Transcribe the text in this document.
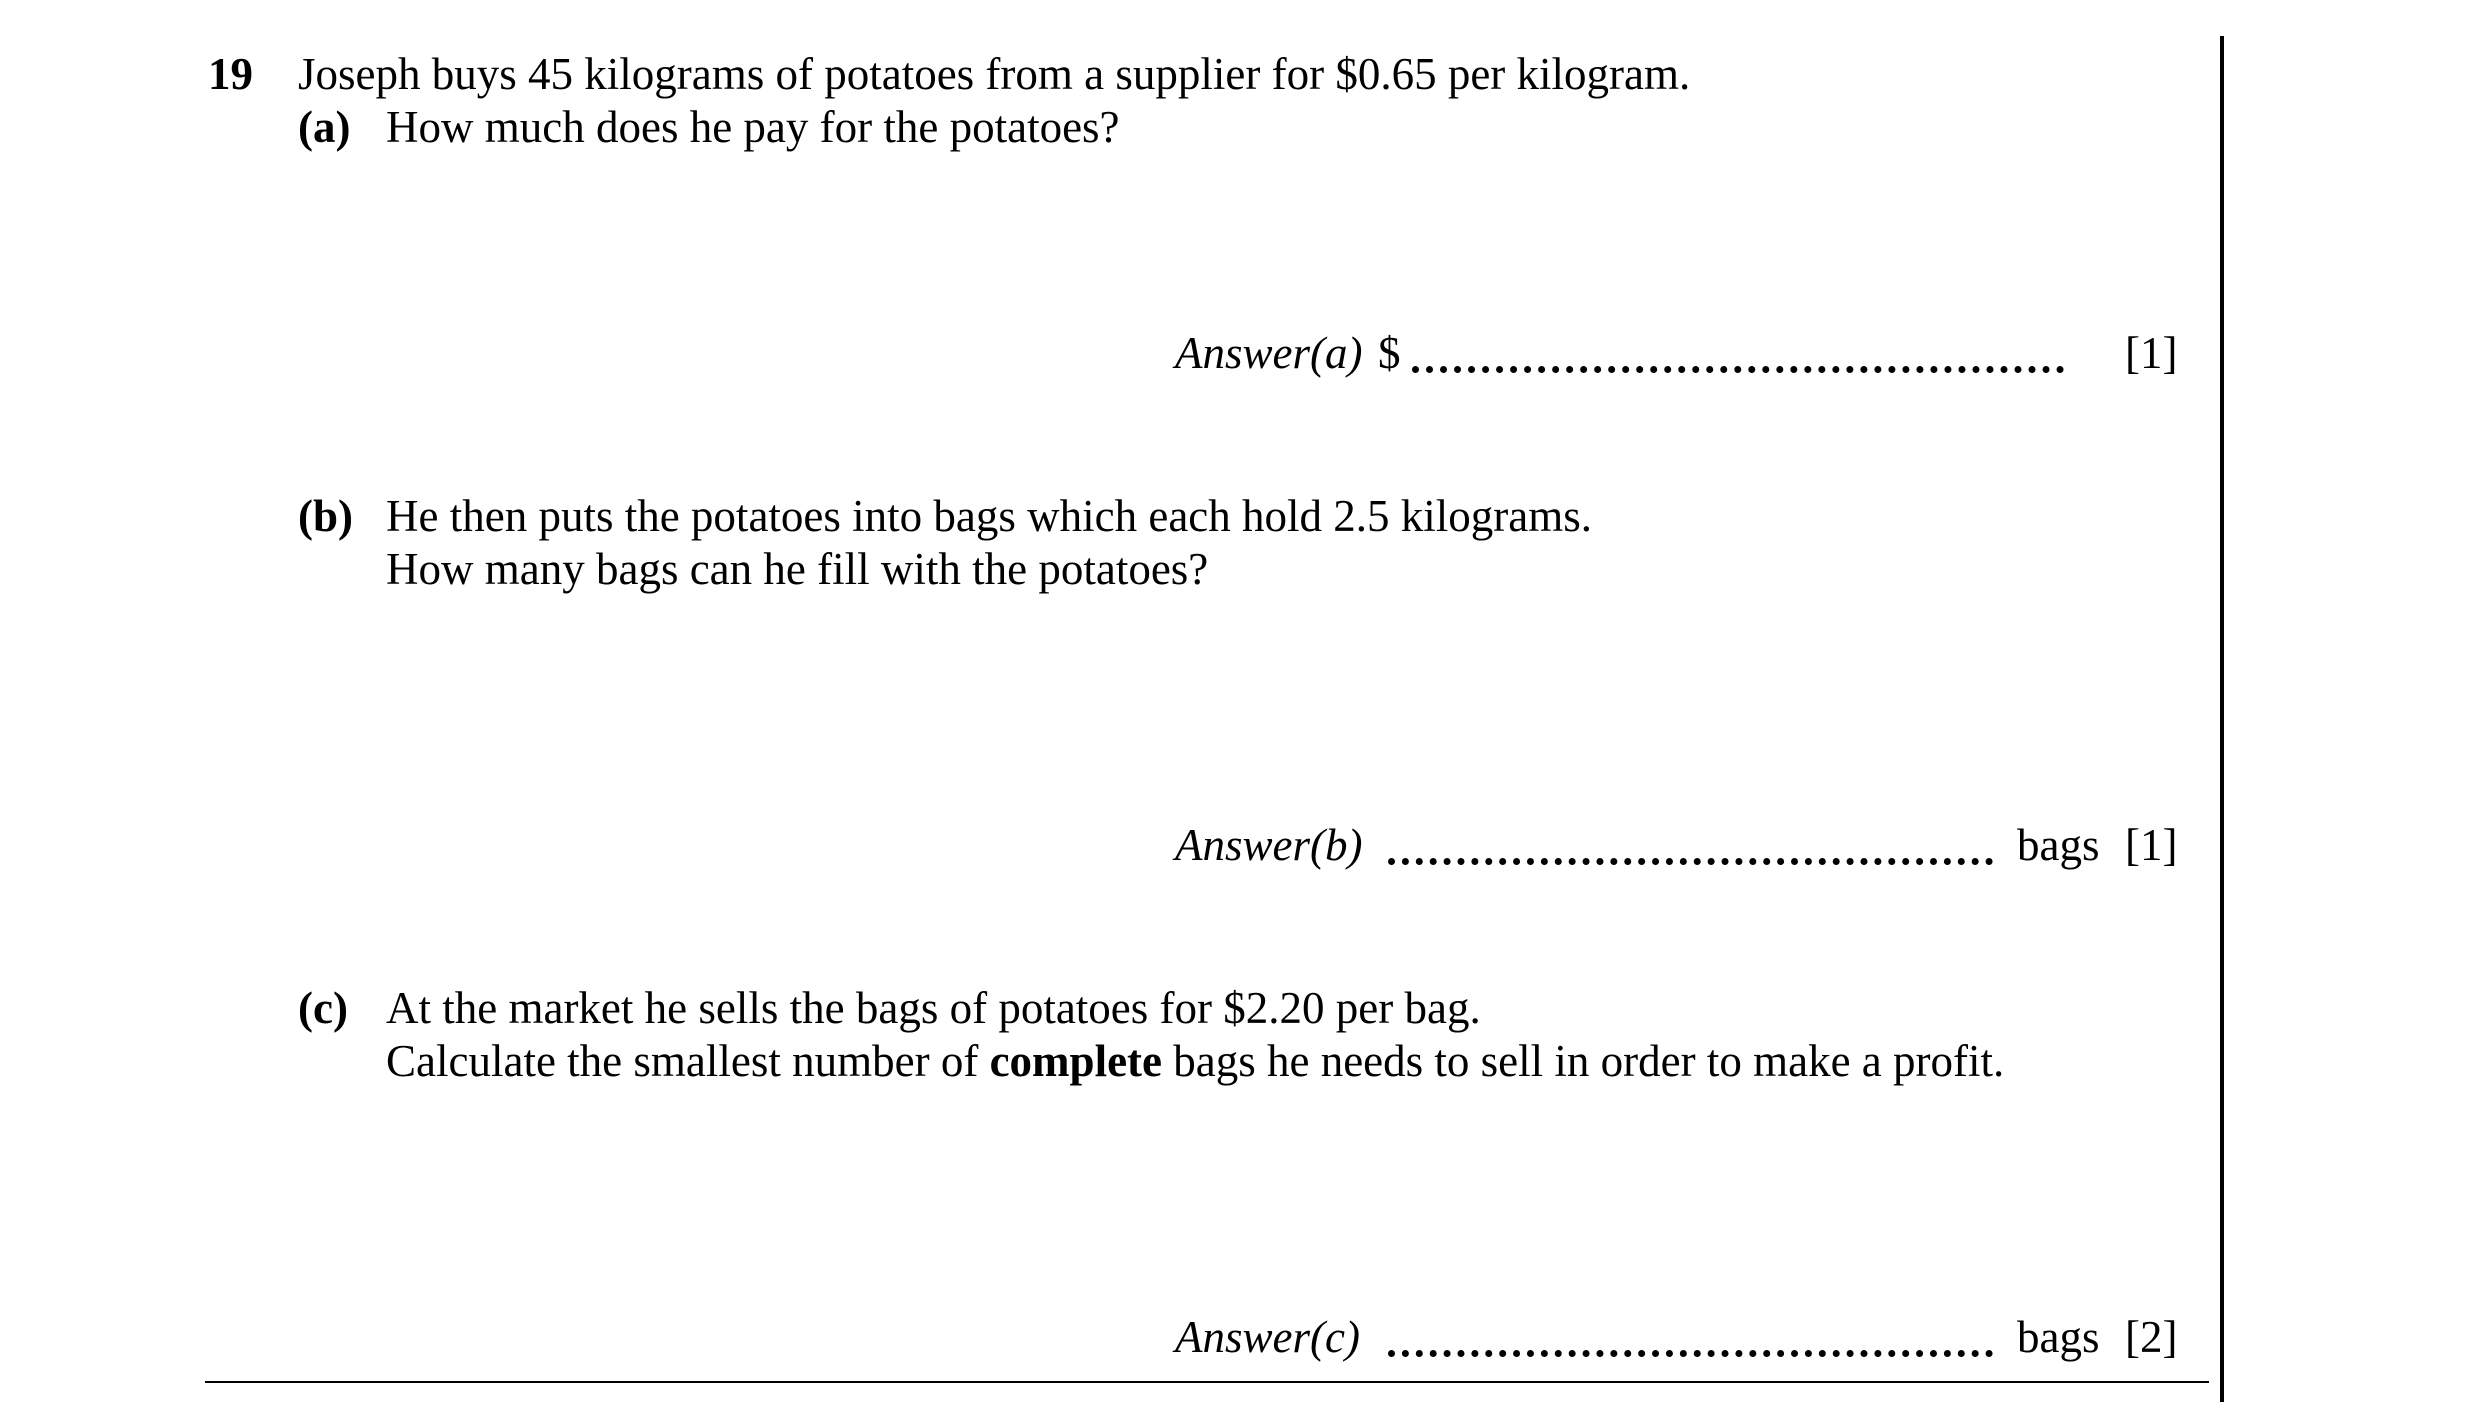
19 Joseph buys 45 kilograms of potatoes from a supplier for $0.65 per kilogram.
(a) How much does he pay for the potatoes?
Answer(a) $	[1]
(b) He then puts the potatoes into bags which each hold 2.5 kilograms.
How many bags can he fill with the potatoes?
Answer(b)	bags [1]
(c) At the market he sells the bags of potatoes for $2.20 per bag.
Calculate the smallest number of complete bags he needs to sell in order to make a profit.
Answer(c)	bags [2]
